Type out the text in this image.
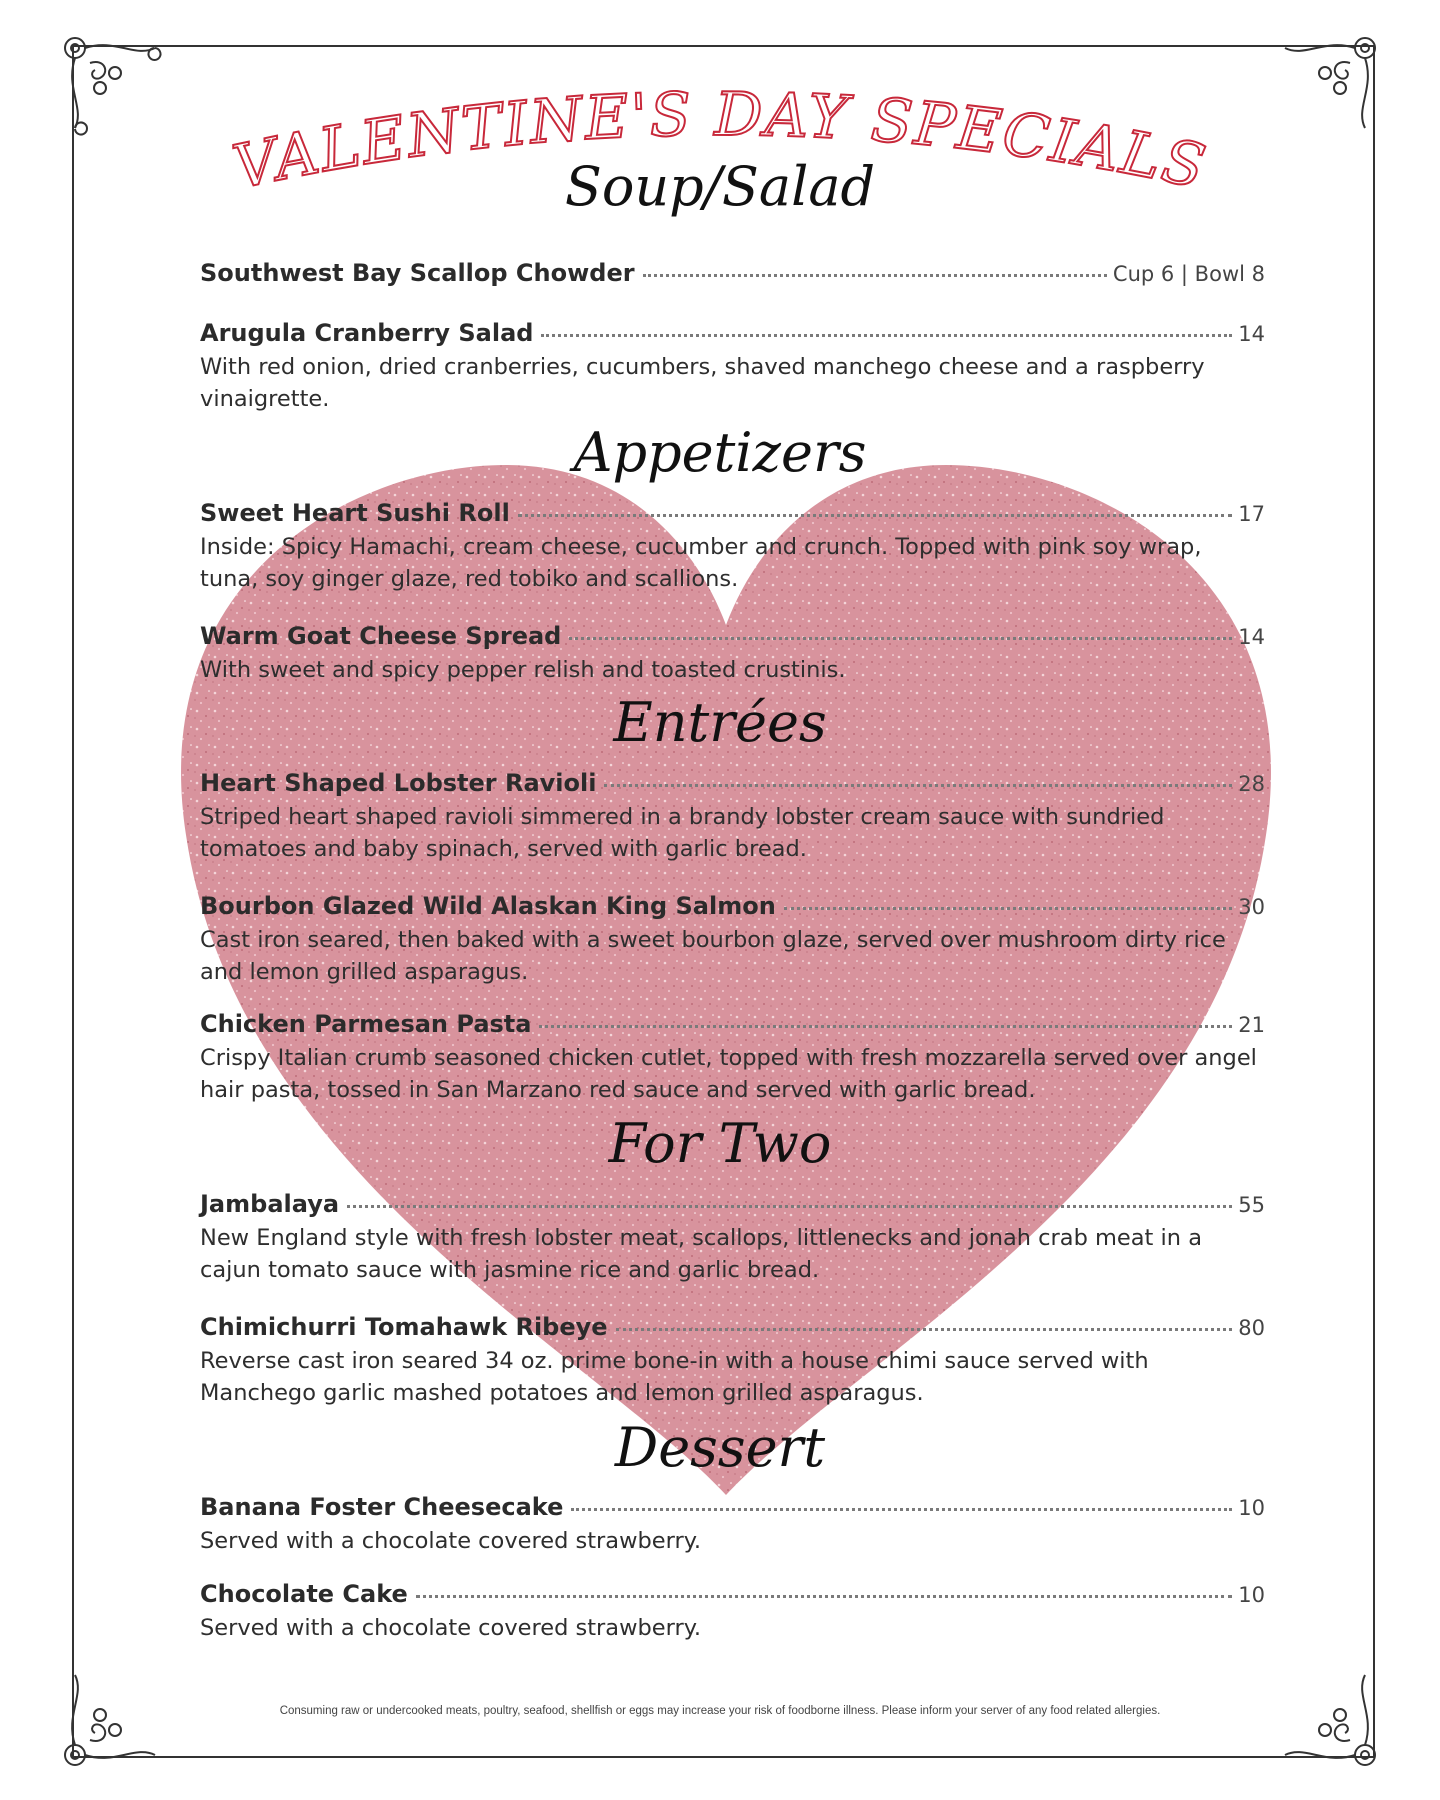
VALENTINE'S DAY SPECIALS
Soup/Salad
Southwest Bay Scallop Chowder	Cup 6 | Bowl 8
Arugula Cranberry Salad	14
With red onion, dried cranberries, cucumbers, shaved manchego cheese and a raspberry vinaigrette.
Appetizers
Sweet Heart Sushi Roll	17
Inside: Spicy Hamachi, cream cheese, cucumber and crunch. Topped with pink soy wrap, tuna, soy ginger glaze, red tobiko and scallions.
Warm Goat Cheese Spread	14
With sweet and spicy pepper relish and toasted crustinis.
Entrées
Heart Shaped Lobster Ravioli	28
Striped heart shaped ravioli simmered in a brandy lobster cream sauce with sundried tomatoes and baby spinach, served with garlic bread.
Bourbon Glazed Wild Alaskan King Salmon	30
Cast iron seared, then baked with a sweet bourbon glaze, served over mushroom dirty rice and lemon grilled asparagus.
Chicken Parmesan Pasta	21
Crispy Italian crumb seasoned chicken cutlet, topped with fresh mozzarella served over angel hair pasta, tossed in San Marzano red sauce and served with garlic bread.
For Two
Jambalaya	55
New England style with fresh lobster meat, scallops, littlenecks and jonah crab meat in a cajun tomato sauce with jasmine rice and garlic bread.
Chimichurri Tomahawk Ribeye	80
Reverse cast iron seared 34 oz. prime bone-in with a house chimi sauce served with Manchego garlic mashed potatoes and lemon grilled asparagus.
Dessert
Banana Foster Cheesecake	10
Served with a chocolate covered strawberry.
Chocolate Cake	10
Served with a chocolate covered strawberry.
Consuming raw or undercooked meats, poultry, seafood, shellfish or eggs may increase your risk of foodborne illness. Please inform your server of any food related allergies.
